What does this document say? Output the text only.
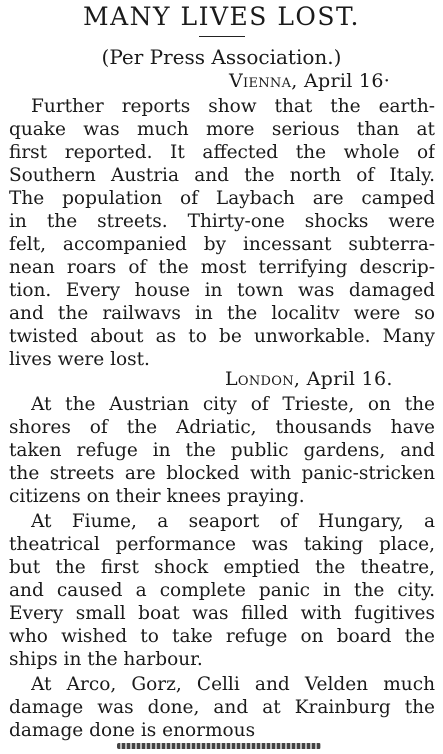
MANY LIVES LOST.
(Per Press Association.)
Vienna, April 16·
Further reports show that the earth-
quake was much more serious than at
first reported. It affected the whole of
Southern Austria and the north of Italy.
The population of Laybach are camped
in the streets. Thirty-one shocks were
felt, accompanied by incessant subterra-
nean roars of the most terrifying descrip-
tion. Every house in town was damaged
and the railwavs in the localitv were so
twisted about as to be unworkable. Many
lives were lost.
London, April 16.
At the Austrian city of Trieste, on the
shores of the Adriatic, thousands have
taken refuge in the public gardens, and
the streets are blocked with panic-stricken
citizens on their knees praying.
At Fiume, a seaport of Hungary, a
theatrical performance was taking place,
but the first shock emptied the theatre,
and caused a complete panic in the city.
Every small boat was filled with fugitives
who wished to take refuge on board the
ships in the harbour.
At Arco, Gorz, Celli and Velden much
damage was done, and at Krainburg the
damage done is enormous
